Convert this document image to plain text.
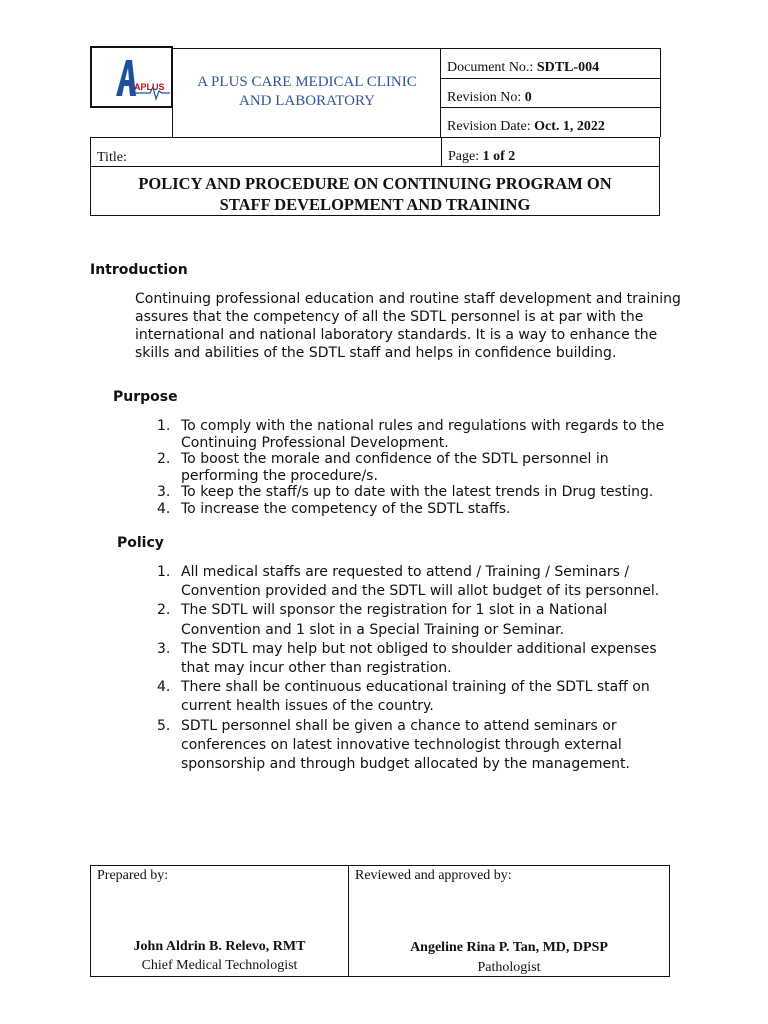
APLUS	A PLUS CARE MEDICAL CLINIC
AND LABORATORY
Document No.: SDTL-004
Revision No: 0
Revision Date: Oct. 1, 2022
Title:	Page: 1 of 2
POLICY AND PROCEDURE ON CONTINUING PROGRAM ON
STAFF DEVELOPMENT AND TRAINING
Introduction
Continuing professional education and routine staff development and training
assures that the competency of all the SDTL personnel is at par with the
international and national laboratory standards. It is a way to enhance the
skills and abilities of the SDTL staff and helps in confidence building.
Purpose
1. To comply with the national rules and regulations with regards to the
Continuing Professional Development.
2. To boost the morale and confidence of the SDTL personnel in
performing the procedure/s.
3. To keep the staff/s up to date with the latest trends in Drug testing.
4. To increase the competency of the SDTL staffs.
Policy
1. All medical staffs are requested to attend / Training / Seminars /
Convention provided and the SDTL will allot budget of its personnel.
2. The SDTL will sponsor the registration for 1 slot in a National
Convention and 1 slot in a Special Training or Seminar.
3. The SDTL may help but not obliged to shoulder additional expenses
that may incur other than registration.
4. There shall be continuous educational training of the SDTL staff on
current health issues of the country.
5. SDTL personnel shall be given a chance to attend seminars or
conferences on latest innovative technologist through external
sponsorship and through budget allocated by the management.
Prepared by:
John Aldrin B. Relevo, RMT
Chief Medical Technologist
Reviewed and approved by:
Angeline Rina P. Tan, MD, DPSP
Pathologist
